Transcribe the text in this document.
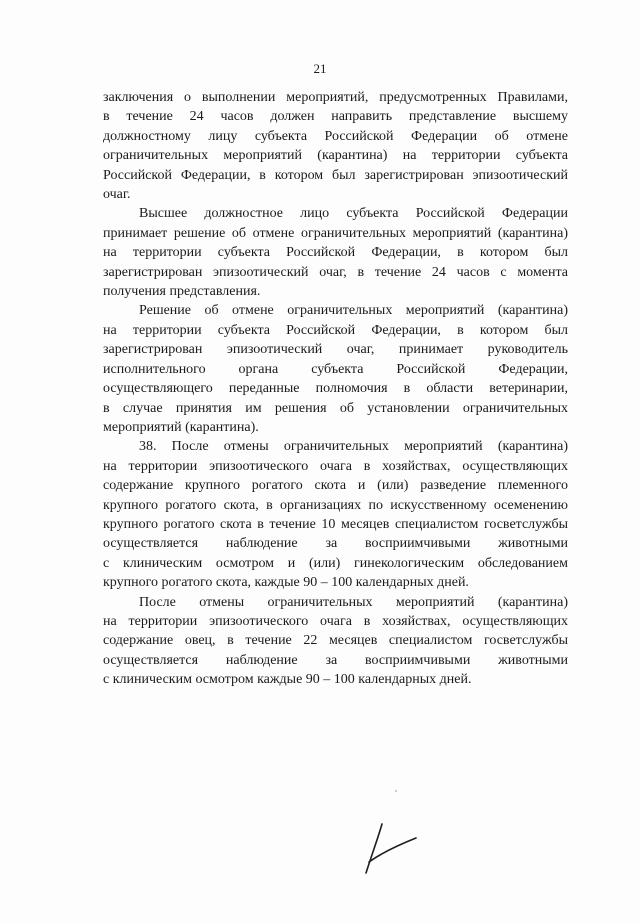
21

заключения о выполнении мероприятий, предусмотренных Правилами,
в течение 24 часов должен направить представление высшему
должностному лицу субъекта Российской Федерации об отмене
ограничительных мероприятий (карантина) на территории субъекта
Российской Федерации, в котором был зарегистрирован эпизоотический
очаг.

Высшее должностное лицо субъекта Российской Федерации
принимает решение об отмене ограничительных мероприятий (карантина)
на территории субъекта Российской Федерации, в котором был
зарегистрирован эпизоотический очаг, в течение 24 часов с момента
получения представления.

Решение об отмене ограничительных мероприятий (карантина)
на территории субъекта Российской Федерации, в котором был
зарегистрирован эпизоотический очаг, принимает руководитель
исполнительного органа субъекта Российской Федерации,
осуществляющего переданные полномочия в области ветеринарии,
в случае принятия им решения об установлении ограничительных
мероприятий (карантина).

38. После отмены ограничительных мероприятий (карантина)
на территории эпизоотического очага в хозяйствах, осуществляющих
содержание крупного рогатого скота и (или) разведение племенного
крупного рогатого скота, в организациях по искусственному осеменению
крупного рогатого скота в течение 10 месяцев специалистом госветслужбы
осуществляется наблюдение за восприимчивыми животными
с клиническим осмотром и (или) гинекологическим обследованием
крупного рогатого скота, каждые 90 – 100 календарных дней.

После отмены ограничительных мероприятий (карантина)
на территории эпизоотического очага в хозяйствах, осуществляющих
содержание овец, в течение 22 месяцев специалистом госветслужбы
осуществляется наблюдение за восприимчивыми животными
с клиническим осмотром каждые 90 – 100 календарных дней.
